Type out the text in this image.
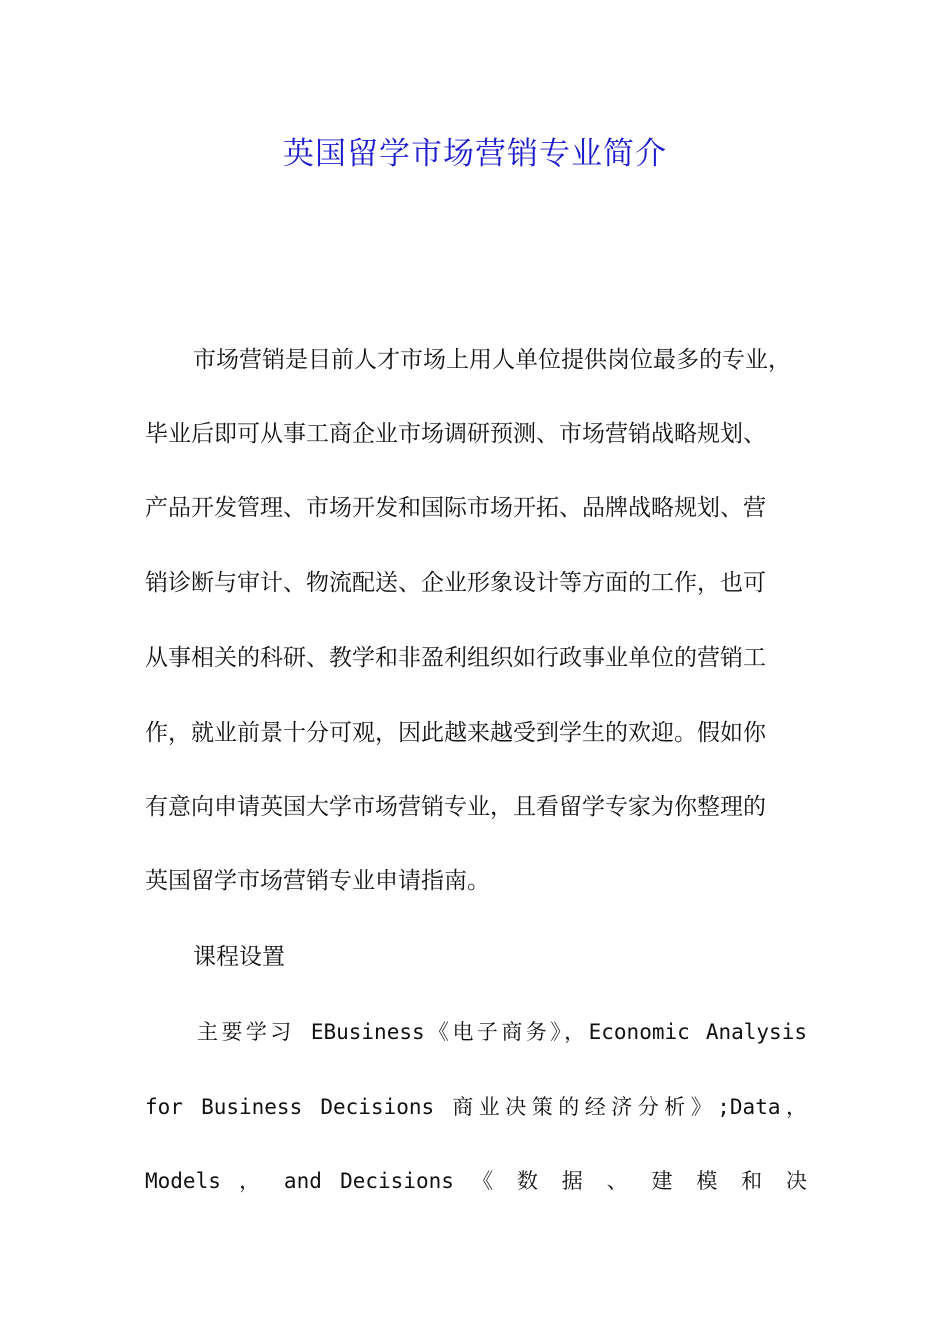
英国留学市场营销专业简介

市场营销是目前人才市场上用人单位提供岗位最多的专业，

毕业后即可从事工商企业市场调研预测、市场营销战略规划、

产品开发管理、市场开发和国际市场开拓、品牌战略规划、营

销诊断与审计、物流配送、企业形象设计等方面的工作，也可

从事相关的科研、教学和非盈利组织如行政事业单位的营销工

作，就业前景十分可观，因此越来越受到学生的欢迎。假如你

有意向申请英国大学市场营销专业，且看留学专家为你整理的

英国留学市场营销专业申请指南。

课程设置

主要学习 EBusiness《电子商务》，Economic Analysis

for Business Decisions 商业决策的经济分析》;Data，

Models ， and Decisions 《 数 据 、 建 模 和 决
